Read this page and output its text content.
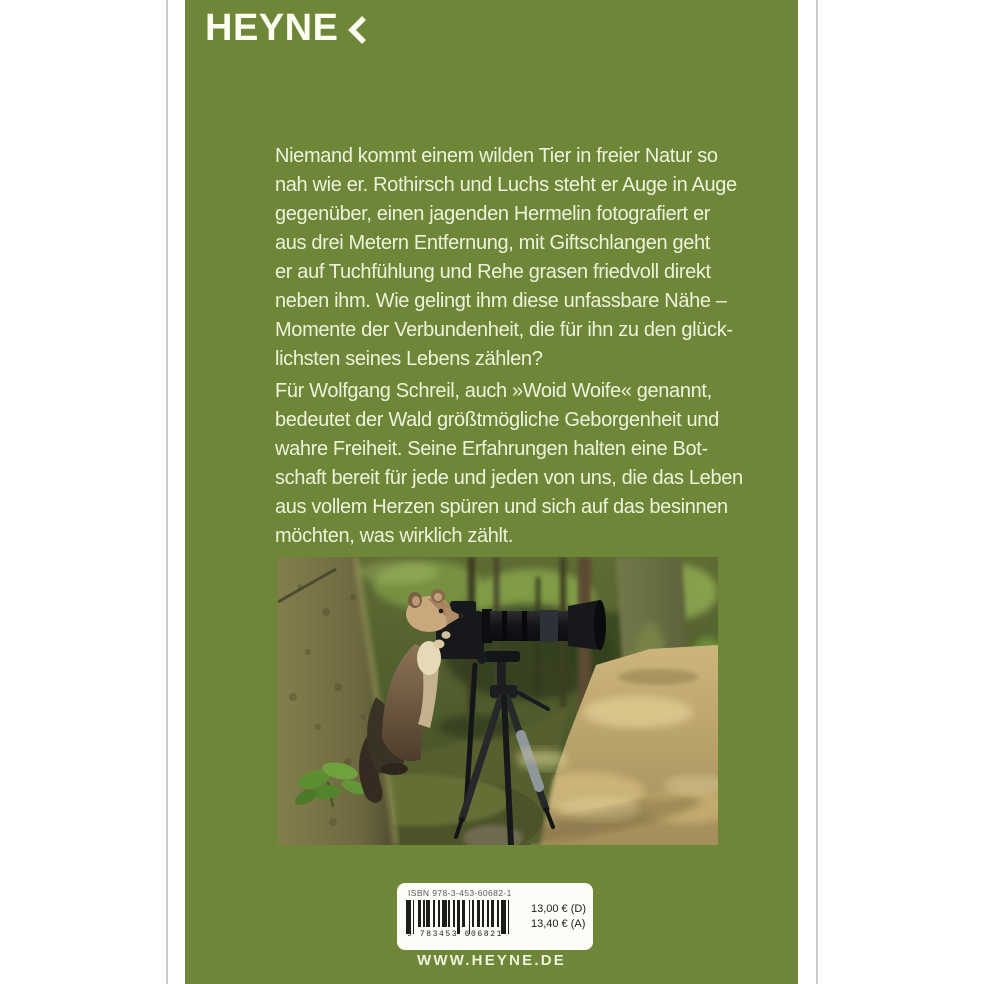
HEYNE
Niemand kommt einem wilden Tier in freier Natur so
nah wie er. Rothirsch und Luchs steht er Auge in Auge
gegenüber, einen jagenden Hermelin fotografiert er
aus drei Metern Entfernung, mit Giftschlangen geht
er auf Tuchfühlung und Rehe grasen friedvoll direkt
neben ihm. Wie gelingt ihm diese unfassbare Nähe –
Momente der Verbundenheit, die für ihn zu den glück-
lichsten seines Lebens zählen?
Für Wolfgang Schreil, auch »Woid Woife« genannt,
bedeutet der Wald größtmögliche Geborgenheit und
wahre Freiheit. Seine Erfahrungen halten eine Bot-
schaft bereit für jede und jeden von uns, die das Leben
aus vollem Herzen spüren und sich auf das besinnen
möchten, was wirklich zählt.
ISBN 978-3-453-60682-1
9 783453 606821
13,00 € (D)
13,40 € (A)
WWW.HEYNE.DE
